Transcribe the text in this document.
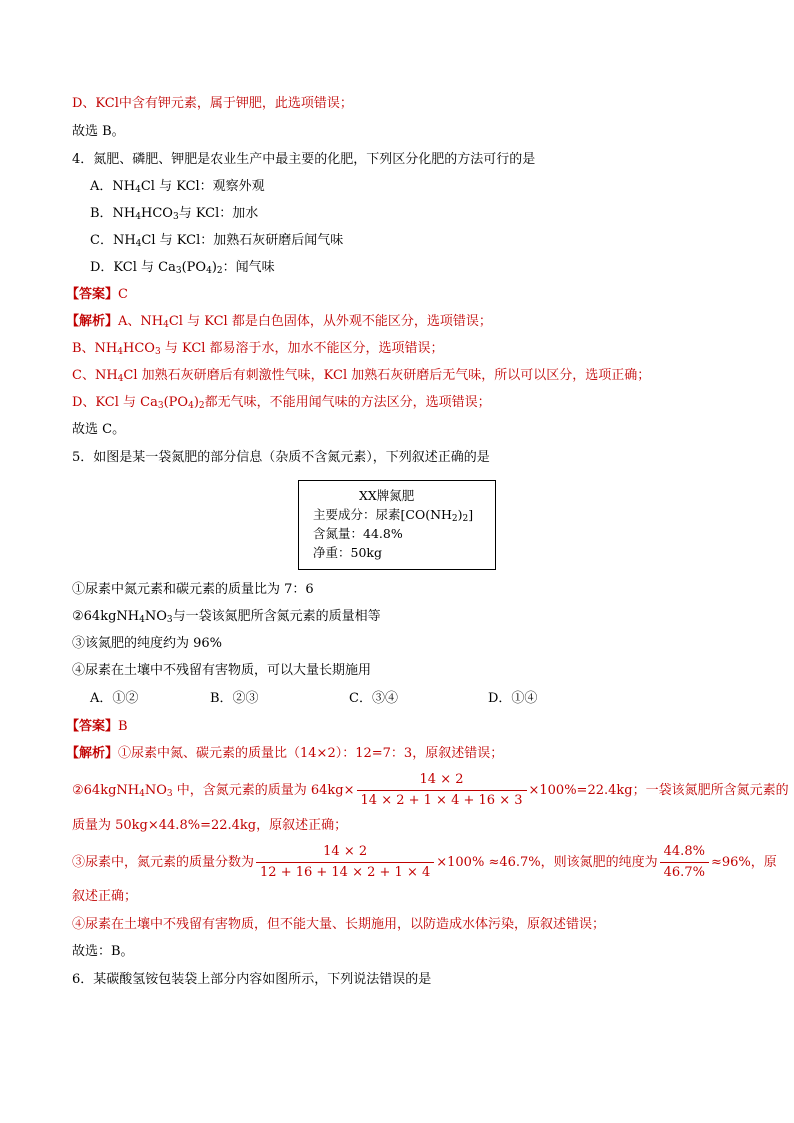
D、KCl中含有钾元素，属于钾肥，此选项错误；
故选 B。
4．氮肥、磷肥、钾肥是农业生产中最主要的化肥，下列区分化肥的方法可行的是
A．$NH_4Cl$ 与 KCl：观察外观
B．$NH_4HCO_3$与 KCl：加水
C．$NH_4Cl$ 与 KCl：加熟石灰研磨后闻气味
D．KCl 与 $Ca_3(PO_4)_2$：闻气味
【答案】C
【解析】A、$NH_4Cl$ 与 KCl 都是白色固体，从外观不能区分，选项错误；
B、$NH_4HCO_3$ 与 KCl 都易溶于水，加水不能区分，选项错误；
C、$NH_4Cl$ 加熟石灰研磨后有刺激性气味，KCl 加熟石灰研磨后无气味，所以可以区分，选项正确；
D、KCl 与 $Ca_3(PO_4)_2$都无气味，不能用闻气味的方法区分，选项错误；
故选 C。
5．如图是某一袋氮肥的部分信息（杂质不含氮元素），下列叙述正确的是
XX牌氮肥
主要成分：尿素$[CO(NH_2)_2]$
含氮量：44.8%
净重：50kg
①尿素中氮元素和碳元素的质量比为 7：6
$②64kgNH_4NO_3$与一袋该氮肥所含氮元素的质量相等
③该氮肥的纯度约为 96%
④尿素在土壤中不残留有害物质，可以大量长期施用
A．①②	B．②③	C．③④	D．①④
【答案】B
【解析】①尿素中氮、碳元素的质量比（14×2）：12=7：3，原叙述错误；
$②64kgNH_4NO_3$ 中，含氮元素的质量为 $64kg\times \frac{14 \times 2}{14 \times 2 + 1 \times 4 + 16 \times 3} \times 100\%=22.4kg$；一袋该氮肥所含氮元素的
质量为 50kg×44.8%=22.4kg，原叙述正确；
③尿素中，氮元素的质量分数为 $\frac{14 \times 2}{12 + 16 + 14 \times 2 + 1 \times 4} \times 100\% \approx 46.7\%$，则该氮肥的纯度为 $\frac{44.8\%}{46.7\%} \approx 96\%$，原
叙述正确；
④尿素在土壤中不残留有害物质，但不能大量、长期施用，以防造成水体污染，原叙述错误；
故选：B。
6．某碳酸氢铵包装袋上部分内容如图所示，下列说法错误的是
